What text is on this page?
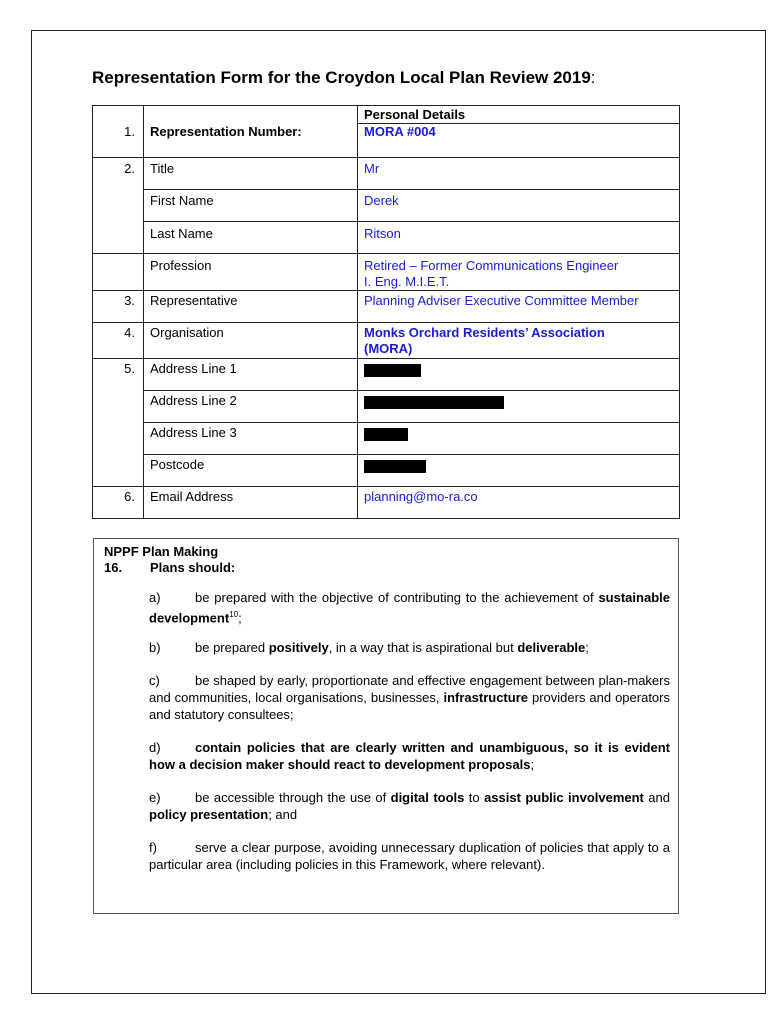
Representation Form for the Croydon Local Plan Review 2019:
		Personal Details
1.	Representation Number:	MORA #004
2.	Title	Mr
	First Name	Derek
	Last Name	Ritson
	Profession	Retired – Former Communications Engineer
I. Eng. M.I.E.T.

3.	Representative	Planning Adviser Executive Committee Member
4.	Organisation	Monks Orchard Residents’ Association
(MORA)

5.	Address Line 1	
	Address Line 2	
	Address Line 3	
	Postcode	
6.	Email Address	planning@mo-ra.co
NPPF Plan Making
16. Plans should:
a)	be prepared with the objective of contributing to the achievement of sustainable development$^{10}$;
b)	be prepared positively, in a way that is aspirational but deliverable;
c)	be shaped by early, proportionate and effective engagement between plan-makers and communities, local organisations, businesses, infrastructure providers and operators and statutory consultees;
d)	contain policies that are clearly written and unambiguous, so it is evident how a decision maker should react to development proposals;
e)	be accessible through the use of digital tools to assist public involvement and policy presentation; and
f)	serve a clear purpose, avoiding unnecessary duplication of policies that apply to a particular area (including policies in this Framework, where relevant).
